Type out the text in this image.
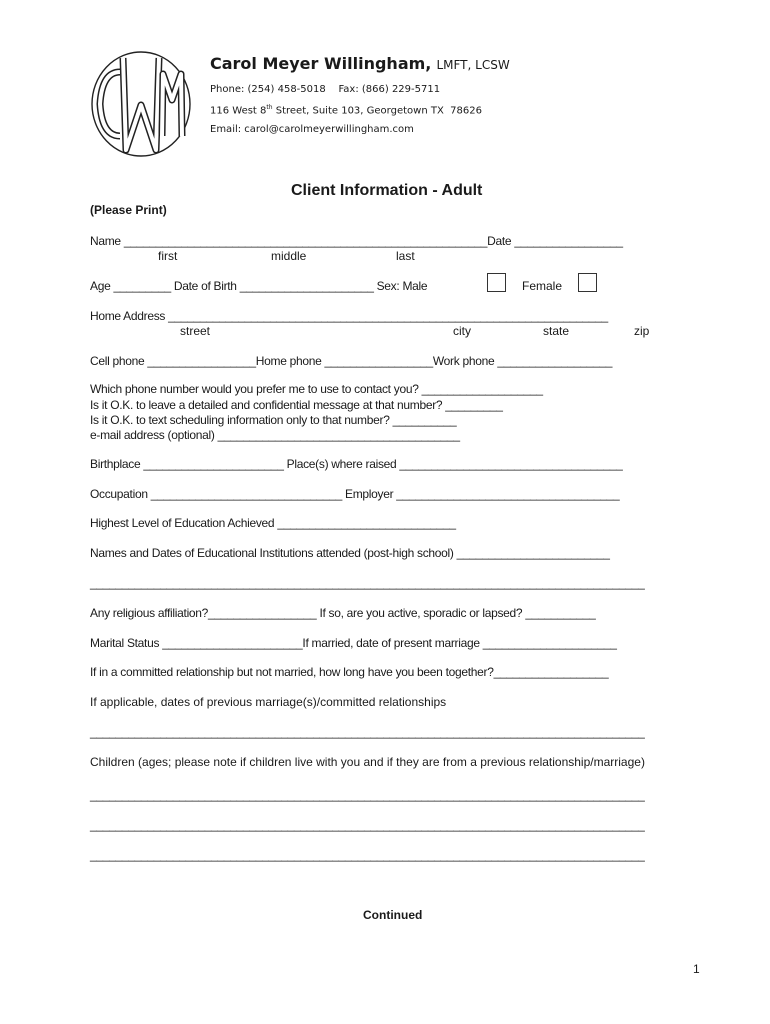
CWM
Carol Meyer Willingham, LMFT, LCSW
Phone: (254) 458-5018    Fax: (866) 229-5711
116 West 8th Street, Suite 103, Georgetown TX  78626
Email: carol@carolmeyerwillingham.com
Client Information - Adult
(Please Print)
Name _________________________________________________________Date _________________
first	middle	last
Age _________ Date of Birth _____________________ Sex: Male	Female
Home Address _____________________________________________________________________
street	city	state	zip
Cell phone _________________Home phone _________________Work phone __________________
Which phone number would you prefer me to use to contact you? ___________________
Is it O.K. to leave a detailed and confidential message at that number? _________
Is it O.K. to text scheduling information only to that number? __________
e-mail address (optional) ______________________________________
Birthplace ______________________ Place(s) where raised ___________________________________
Occupation ______________________________ Employer ___________________________________
Highest Level of Education Achieved ____________________________
Names and Dates of Educational Institutions attended (post-high school) ________________________
_______________________________________________________________________________________
Any religious affiliation?_________________ If so, are you active, sporadic or lapsed? ___________
Marital Status ______________________If married, date of present marriage _____________________
If in a committed relationship but not married, how long have you been together?__________________
If applicable, dates of previous marriage(s)/committed relationships
_______________________________________________________________________________________
Children (ages; please note if children live with you and if they are from a previous relationship/marriage)
_______________________________________________________________________________________
_______________________________________________________________________________________
_______________________________________________________________________________________
Continued
1
